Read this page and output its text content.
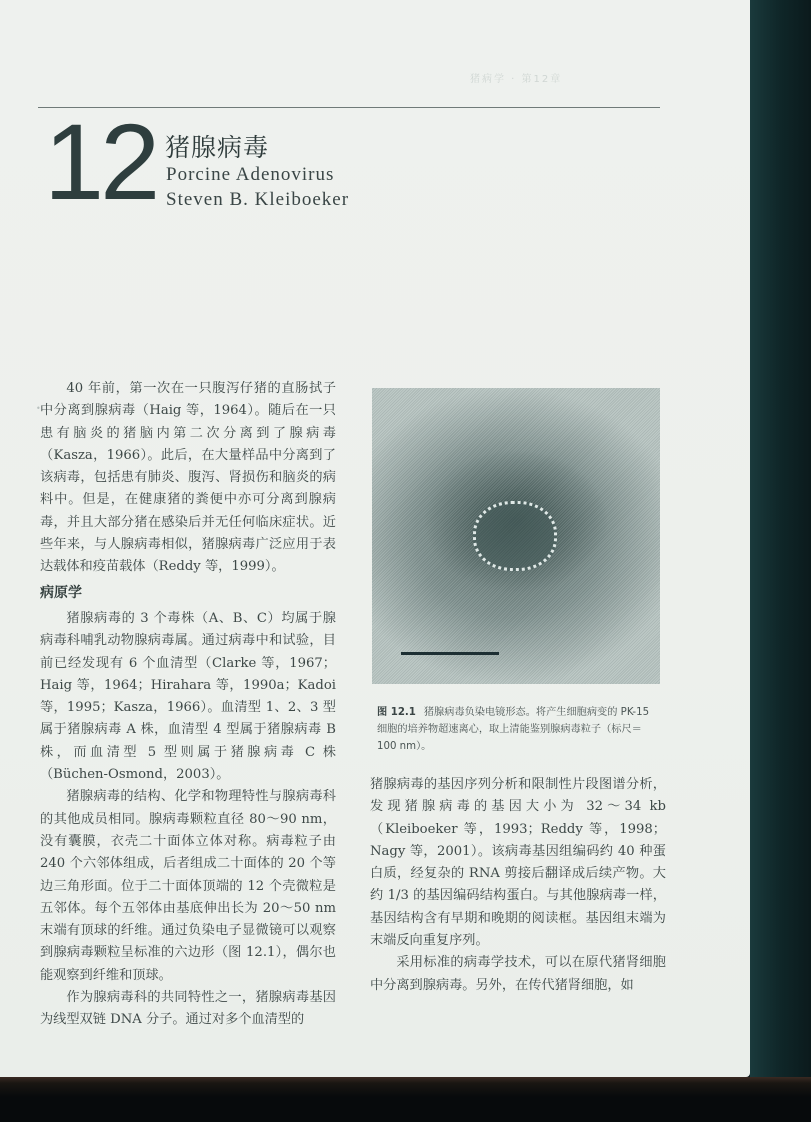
猪病学 · 第12章
12 猪腺病毒
Porcine Adenovirus
Steven B. Kleiboeker

40 年前，第一次在一只腹泻仔猪的直肠拭子中分离到腺病毒（Haig 等，1964）。随后在一只患有脑炎的猪脑内第二次分离到了腺病毒（Kasza，1966）。此后，在大量样品中分离到了该病毒，包括患有肺炎、腹泻、肾损伤和脑炎的病料中。但是，在健康猪的粪便中亦可分离到腺病毒，并且大部分猪在感染后并无任何临床症状。近些年来，与人腺病毒相似，猪腺病毒广泛应用于表达载体和疫苗载体（Reddy 等，1999）。

病原学

猪腺病毒的 3 个毒株（A、B、C）均属于腺病毒科哺乳动物腺病毒属。通过病毒中和试验，目前已经发现有 6 个血清型（Clarke 等，1967；Haig 等，1964；Hirahara 等，1990a；Kadoi 等，1995；Kasza，1966）。血清型 1、2、3 型属于猪腺病毒 A 株，血清型 4 型属于猪腺病毒 B 株，而血清型 5 型则属于猪腺病毒 C 株（Büchen-Osmond，2003）。

猪腺病毒的结构、化学和物理特性与腺病毒科的其他成员相同。腺病毒颗粒直径 80～90 nm，没有囊膜，衣壳二十面体立体对称。病毒粒子由 240 个六邻体组成，后者组成二十面体的 20 个等边三角形面。位于二十面体顶端的 12 个壳微粒是五邻体。每个五邻体由基底伸出长为 20～50 nm 末端有顶球的纤维。通过负染电子显微镜可以观察到腺病毒颗粒呈标准的六边形（图 12.1），偶尔也能观察到纤维和顶球。

作为腺病毒科的共同特性之一，猪腺病毒基因为线型双链 DNA 分子。通过对多个血清型的

图 12.1 猪腺病毒负染电镜形态。将产生细胞病变的 PK-15 细胞的培养物超速离心，取上清能鉴别腺病毒粒子（标尺＝100 nm）。

猪腺病毒的基因序列分析和限制性片段图谱分析，发现猪腺病毒的基因大小为 32～34 kb（Kleiboeker 等，1993；Reddy 等，1998；Nagy 等，2001）。该病毒基因组编码约 40 种蛋白质，经复杂的 RNA 剪接后翻译成后续产物。大约 1/3 的基因编码结构蛋白。与其他腺病毒一样，基因结构含有早期和晚期的阅读框。基因组末端为末端反向重复序列。

采用标准的病毒学技术，可以在原代猪肾细胞中分离到腺病毒。另外，在传代猪肾细胞，如

•
